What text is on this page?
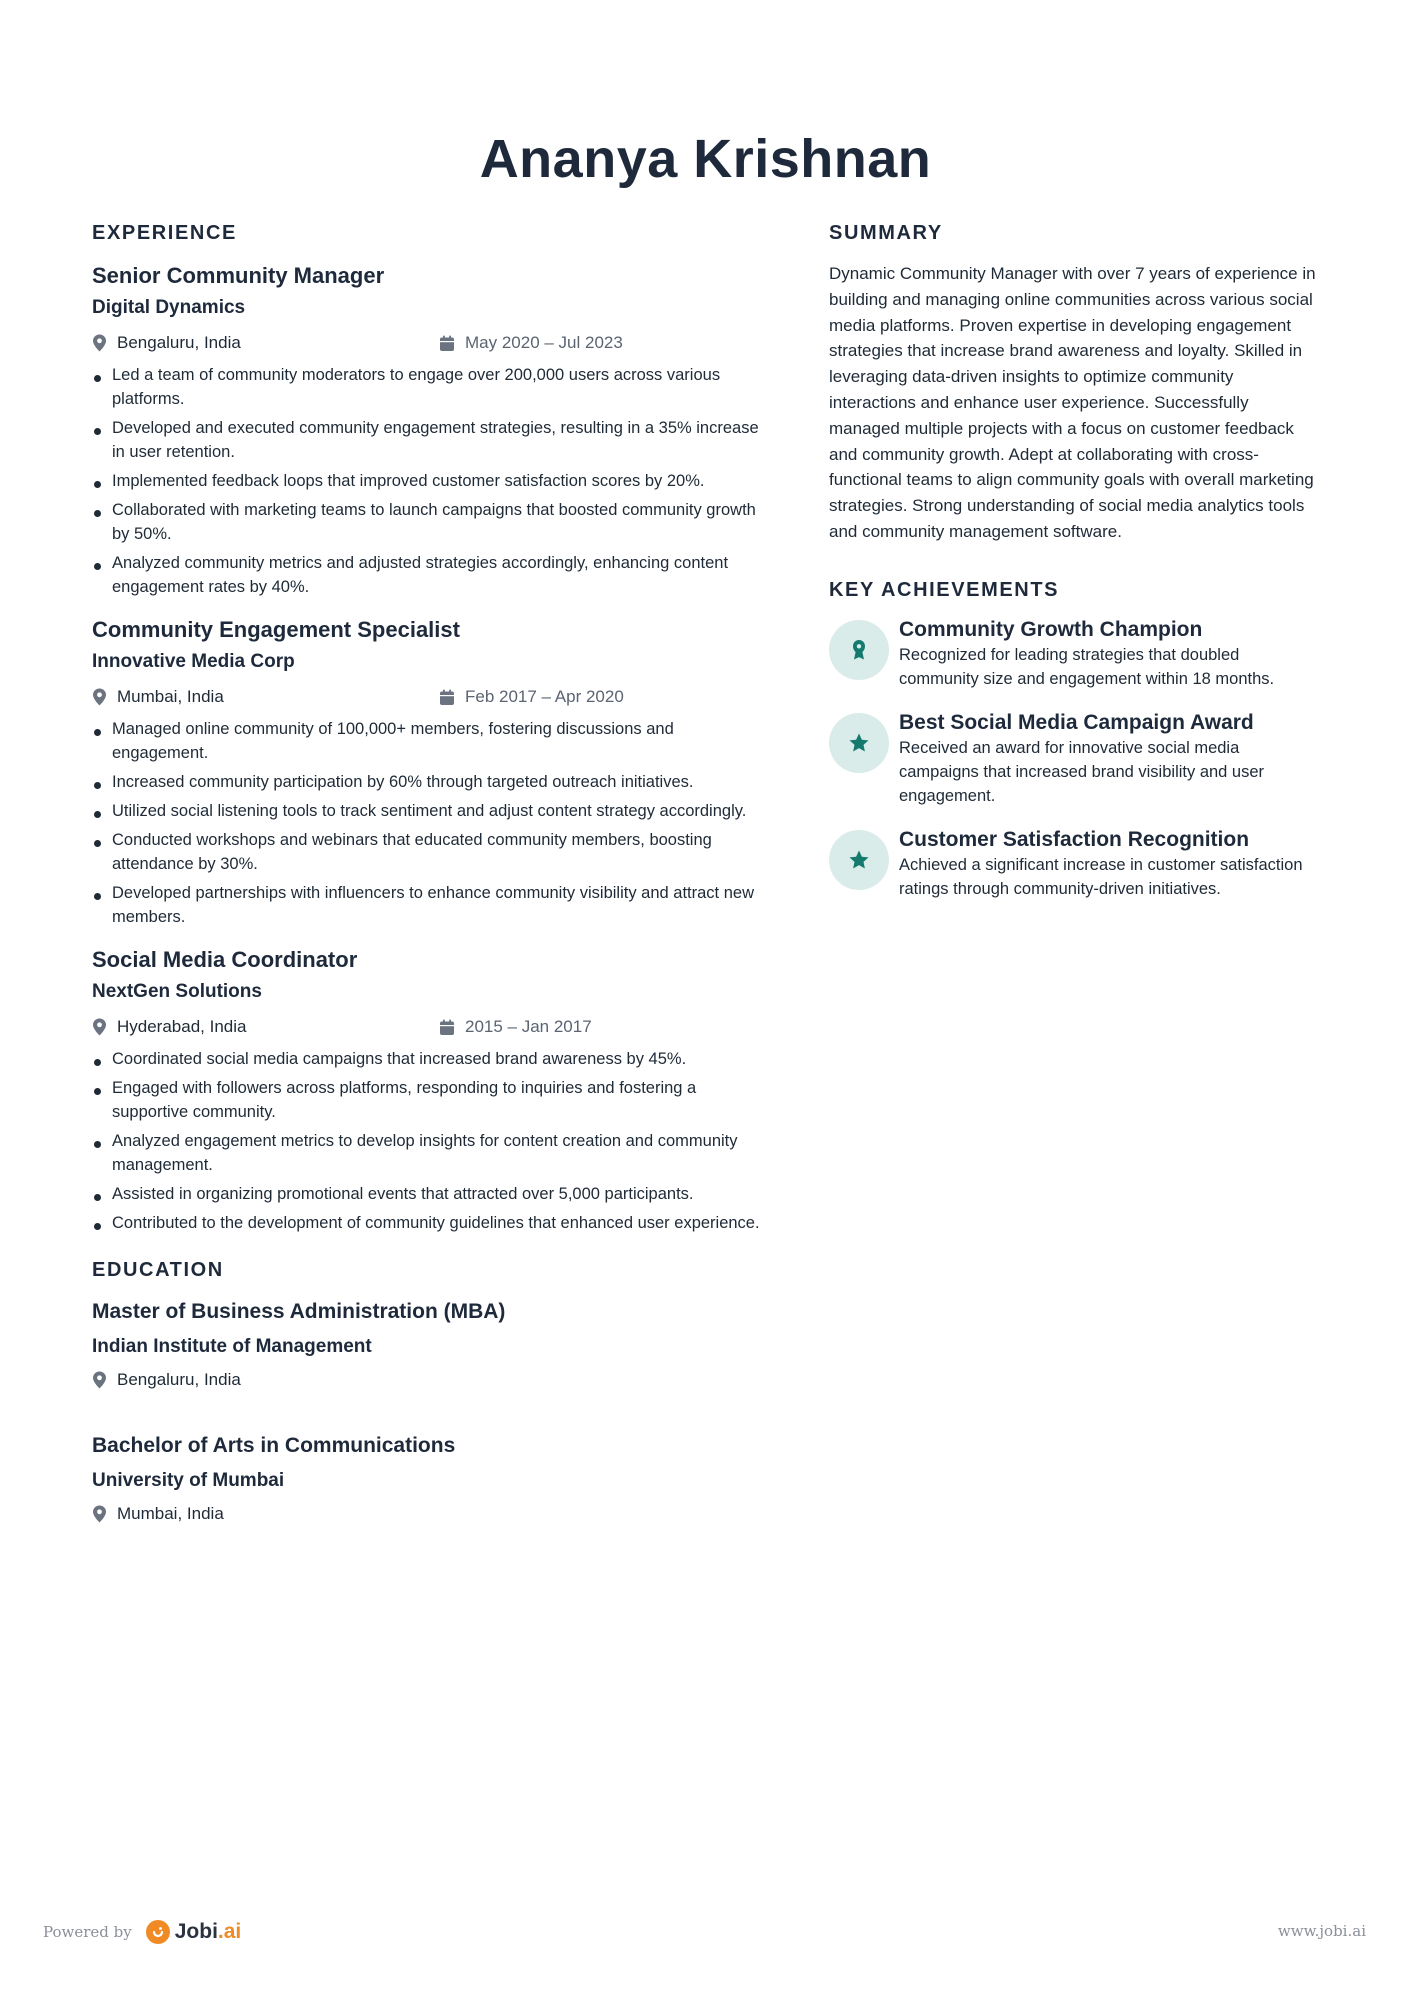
Ananya Krishnan
EXPERIENCE
Senior Community Manager
Digital Dynamics
Bengaluru, India	May 2020 – Jul 2023
Led a team of community moderators to engage over 200,000 users across various platforms.
Developed and executed community engagement strategies, resulting in a 35% increase in user retention.
Implemented feedback loops that improved customer satisfaction scores by 20%.
Collaborated with marketing teams to launch campaigns that boosted community growth by 50%.
Analyzed community metrics and adjusted strategies accordingly, enhancing content engagement rates by 40%.
Community Engagement Specialist
Innovative Media Corp
Mumbai, India	Feb 2017 – Apr 2020
Managed online community of 100,000+ members, fostering discussions and engagement.
Increased community participation by 60% through targeted outreach initiatives.
Utilized social listening tools to track sentiment and adjust content strategy accordingly.
Conducted workshops and webinars that educated community members, boosting attendance by 30%.
Developed partnerships with influencers to enhance community visibility and attract new members.
Social Media Coordinator
NextGen Solutions
Hyderabad, India	2015 – Jan 2017
Coordinated social media campaigns that increased brand awareness by 45%.
Engaged with followers across platforms, responding to inquiries and fostering a supportive community.
Analyzed engagement metrics to develop insights for content creation and community management.
Assisted in organizing promotional events that attracted over 5,000 participants.
Contributed to the development of community guidelines that enhanced user experience.
EDUCATION
Master of Business Administration (MBA)
Indian Institute of Management
Bengaluru, India
Bachelor of Arts in Communications
University of Mumbai
Mumbai, India
SUMMARY
Dynamic Community Manager with over 7 years of experience in building and managing online communities across various social media platforms. Proven expertise in developing engagement strategies that increase brand awareness and loyalty. Skilled in leveraging data-driven insights to optimize community interactions and enhance user experience. Successfully managed multiple projects with a focus on customer feedback and community growth. Adept at collaborating with cross-functional teams to align community goals with overall marketing strategies. Strong understanding of social media analytics tools and community management software.
KEY ACHIEVEMENTS
Community Growth Champion
Recognized for leading strategies that doubled community size and engagement within 18 months.
Best Social Media Campaign Award
Received an award for innovative social media campaigns that increased brand visibility and user engagement.
Customer Satisfaction Recognition
Achieved a significant increase in customer satisfaction ratings through community-driven initiatives.
Powered by Jobi .ai	www.jobi.ai
